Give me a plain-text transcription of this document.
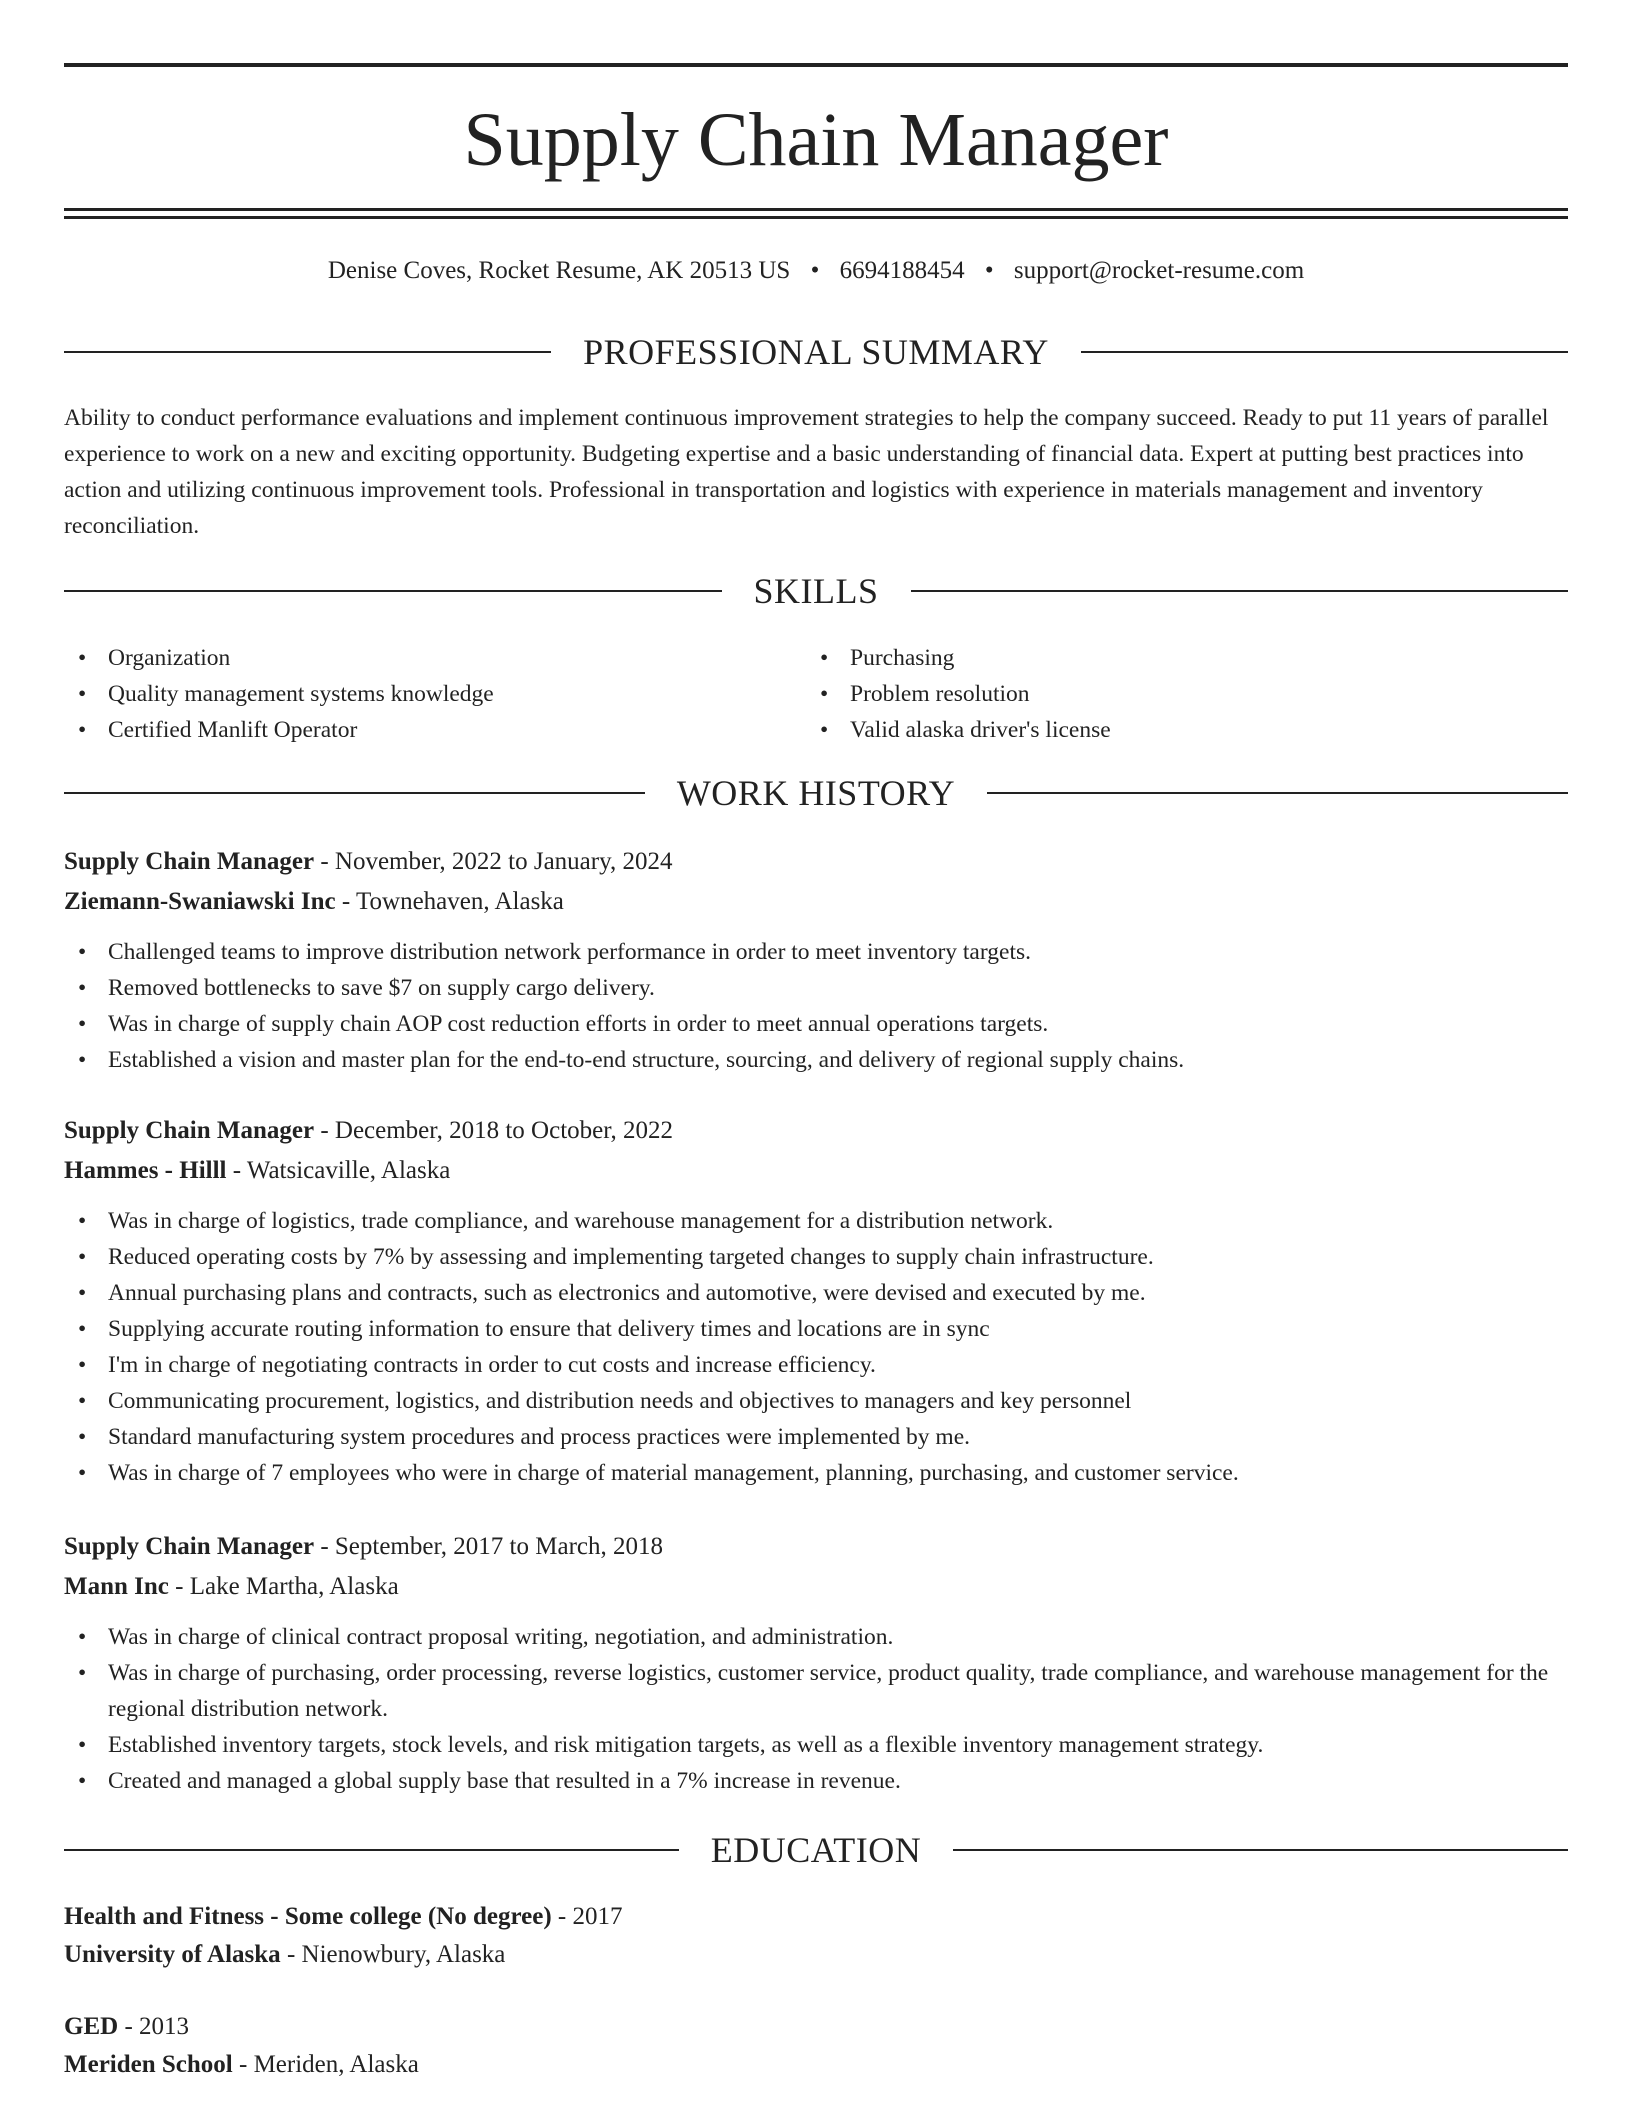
Supply Chain Manager
Denise Coves, Rocket Resume, AK 20513 US • 6694188454 • support@rocket-resume.com
PROFESSIONAL SUMMARY
Ability to conduct performance evaluations and implement continuous improvement strategies to help the company succeed. Ready to put 11 years of parallel experience to work on a new and exciting opportunity. Budgeting expertise and a basic understanding of financial data. Expert at putting best practices into action and utilizing continuous improvement tools. Professional in transportation and logistics with experience in materials management and inventory reconciliation.
SKILLS
• Organization
• Quality management systems knowledge
• Certified Manlift Operator
• Purchasing
• Problem resolution
• Valid alaska driver's license
WORK HISTORY
Supply Chain Manager - November, 2022 to January, 2024
Ziemann-Swaniawski Inc - Townehaven, Alaska
• Challenged teams to improve distribution network performance in order to meet inventory targets.
• Removed bottlenecks to save $7 on supply cargo delivery.
• Was in charge of supply chain AOP cost reduction efforts in order to meet annual operations targets.
• Established a vision and master plan for the end-to-end structure, sourcing, and delivery of regional supply chains.
Supply Chain Manager - December, 2018 to October, 2022
Hammes - Hilll - Watsicaville, Alaska
• Was in charge of logistics, trade compliance, and warehouse management for a distribution network.
• Reduced operating costs by 7% by assessing and implementing targeted changes to supply chain infrastructure.
• Annual purchasing plans and contracts, such as electronics and automotive, were devised and executed by me.
• Supplying accurate routing information to ensure that delivery times and locations are in sync
• I'm in charge of negotiating contracts in order to cut costs and increase efficiency.
• Communicating procurement, logistics, and distribution needs and objectives to managers and key personnel
• Standard manufacturing system procedures and process practices were implemented by me.
• Was in charge of 7 employees who were in charge of material management, planning, purchasing, and customer service.
Supply Chain Manager - September, 2017 to March, 2018
Mann Inc - Lake Martha, Alaska
• Was in charge of clinical contract proposal writing, negotiation, and administration.
• Was in charge of purchasing, order processing, reverse logistics, customer service, product quality, trade compliance, and warehouse management for the regional distribution network.
• Established inventory targets, stock levels, and risk mitigation targets, as well as a flexible inventory management strategy.
• Created and managed a global supply base that resulted in a 7% increase in revenue.
EDUCATION
Health and Fitness - Some college (No degree) - 2017
University of Alaska - Nienowbury, Alaska
GED - 2013
Meriden School - Meriden, Alaska
